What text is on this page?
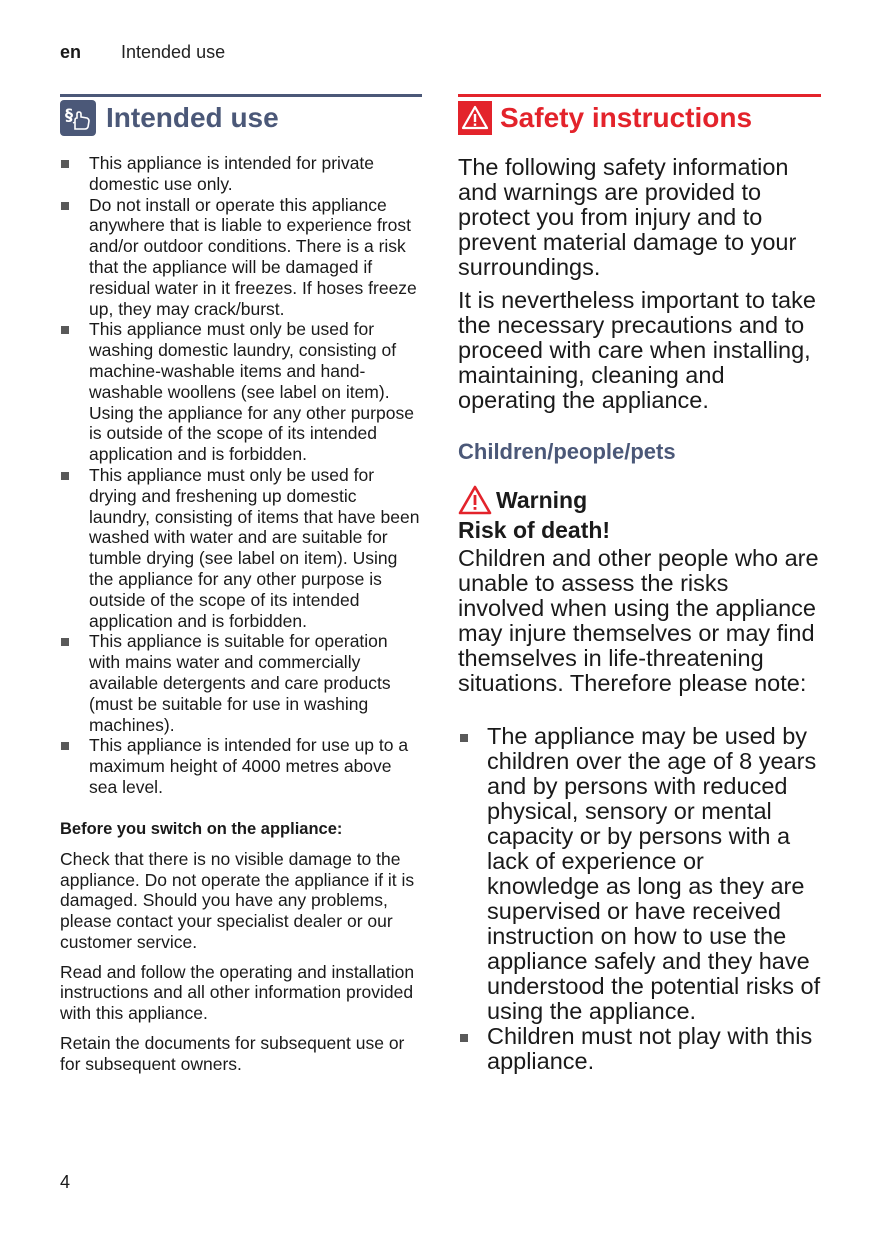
en Intended use
§ Intended use
This appliance is intended for private domestic use only.
Do not install or operate this appliance anywhere that is liable to experience frost and/or outdoor conditions. There is a risk that the appliance will be damaged if residual water in it freezes. If hoses freeze up, they may crack/burst.
This appliance must only be used for washing domestic laundry, consisting of machine-washable items and hand-washable woollens (see label on item). Using the appliance for any other purpose is outside of the scope of its intended application and is forbidden.
This appliance must only be used for drying and freshening up domestic laundry, consisting of items that have been washed with water and are suitable for tumble drying (see label on item). Using the appliance for any other purpose is outside of the scope of its intended application and is forbidden.
This appliance is suitable for operation with mains water and commercially available detergents and care products (must be suitable for use in washing machines).
This appliance is intended for use up to a maximum height of 4000 metres above sea level.
Before you switch on the appliance:

Check that there is no visible damage to the appliance. Do not operate the appliance if it is damaged. Should you have any problems, please contact your specialist dealer or our customer service.

Read and follow the operating and installation instructions and all other information provided with this appliance.

Retain the documents for subsequent use or for subsequent owners.

Safety instructions

The following safety information and warnings are provided to protect you from injury and to prevent material damage to your surroundings.

It is nevertheless important to take the necessary precautions and to proceed with care when installing, maintaining, cleaning and operating the appliance.

Children/people/pets
Warning
Risk of death!
Children and other people who are unable to assess the risks involved when using the appliance may injure themselves or may find themselves in life-threatening situations. Therefore please note:
The appliance may be used by children over the age of 8 years and by persons with reduced physical, sensory or mental capacity or by persons with a lack of experience or knowledge as long as they are supervised or have received instruction on how to use the appliance safely and they have understood the potential risks of using the appliance.
Children must not play with this appliance.
4
